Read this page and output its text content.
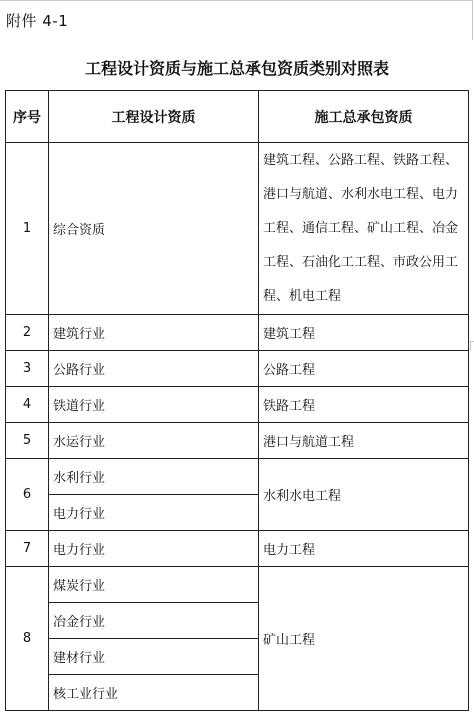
附件 4-1
工程设计资质与施工总承包资质类别对照表
序号	工程设计资质	施工总承包资质
1	综合资质	建筑工程、公路工程、铁路工程、港口与航道、水利水电工程、电力工程、通信工程、矿山工程、冶金工程、石油化工工程、市政公用工程、机电工程
2	建筑行业	建筑工程
3	公路行业	公路工程
4	铁道行业	铁路工程
5	水运行业	港口与航道工程
6	水利行业	水利水电工程
	电力行业	
7	电力行业	电力工程
8	煤炭行业	矿山工程
	冶金行业	
	建材行业	
	核工业行业	
